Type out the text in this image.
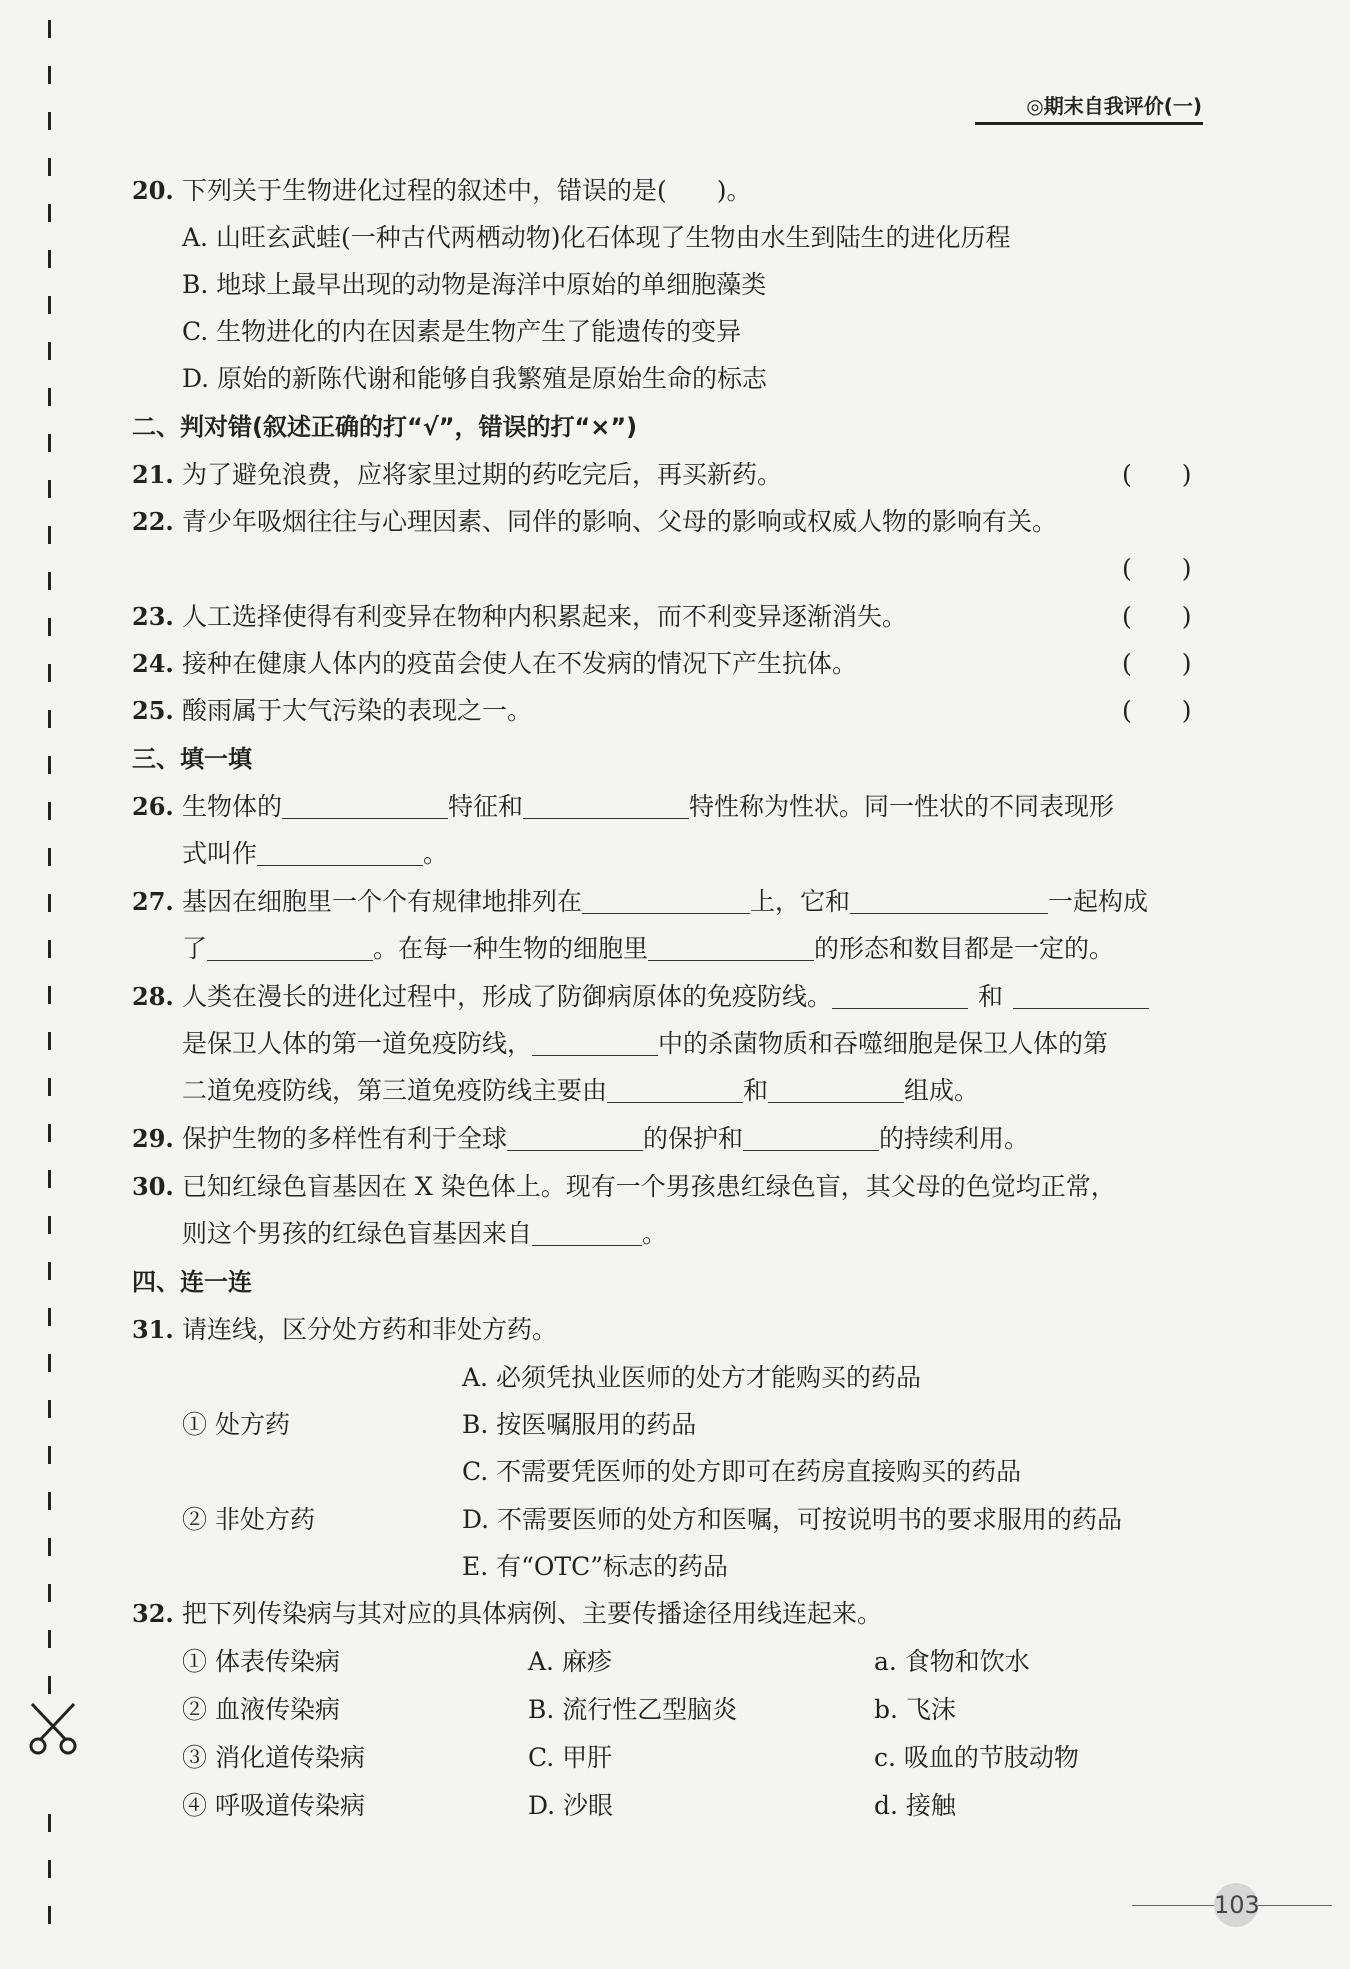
◎期末自我评价(一)
20. 下列关于生物进化过程的叙述中，错误的是(　　)。
A. 山旺玄武蛙(一种古代两栖动物)化石体现了生物由水生到陆生的进化历程
B. 地球上最早出现的动物是海洋中原始的单细胞藻类
C. 生物进化的内在因素是生物产生了能遗传的变异
D. 原始的新陈代谢和能够自我繁殖是原始生命的标志
二、判对错(叙述正确的打“√”，错误的打“×”)
21. 为了避免浪费，应将家里过期的药吃完后，再买新药。	(　　)
22. 青少年吸烟往往与心理因素、同伴的影响、父母的影响或权威人物的影响有关。
(　　)
23. 人工选择使得有利变异在物种内积累起来，而不利变异逐渐消失。	(　　)
24. 接种在健康人体内的疫苗会使人在不发病的情况下产生抗体。	(　　)
25. 酸雨属于大气污染的表现之一。	(　　)
三、填一填
26. 生物体的	特征和	特性称为性状。同一性状的不同表现形
式叫作	。
27. 基因在细胞里一个个有规律地排列在	上，它和	一起构成
了	。在每一种生物的细胞里	的形态和数目都是一定的。
28. 人类在漫长的进化过程中，形成了防御病原体的免疫防线。	和
是保卫人体的第一道免疫防线，	中的杀菌物质和吞噬细胞是保卫人体的第
二道免疫防线，第三道免疫防线主要由	和	组成。
29. 保护生物的多样性有利于全球	的保护和	的持续利用。
30. 已知红绿色盲基因在 X 染色体上。现有一个男孩患红绿色盲，其父母的色觉均正常，
则这个男孩的红绿色盲基因来自	。
四、连一连
31. 请连线，区分处方药和非处方药。
A. 必须凭执业医师的处方才能购买的药品
① 处方药	B. 按医嘱服用的药品
C. 不需要凭医师的处方即可在药房直接购买的药品
② 非处方药	D. 不需要医师的处方和医嘱，可按说明书的要求服用的药品
E. 有“OTC”标志的药品
32. 把下列传染病与其对应的具体病例、主要传播途径用线连起来。
① 体表传染病	A. 麻疹	a. 食物和饮水
② 血液传染病	B. 流行性乙型脑炎	b. 飞沫
③ 消化道传染病	C. 甲肝	c. 吸血的节肢动物
④ 呼吸道传染病	D. 沙眼	d. 接触
103
